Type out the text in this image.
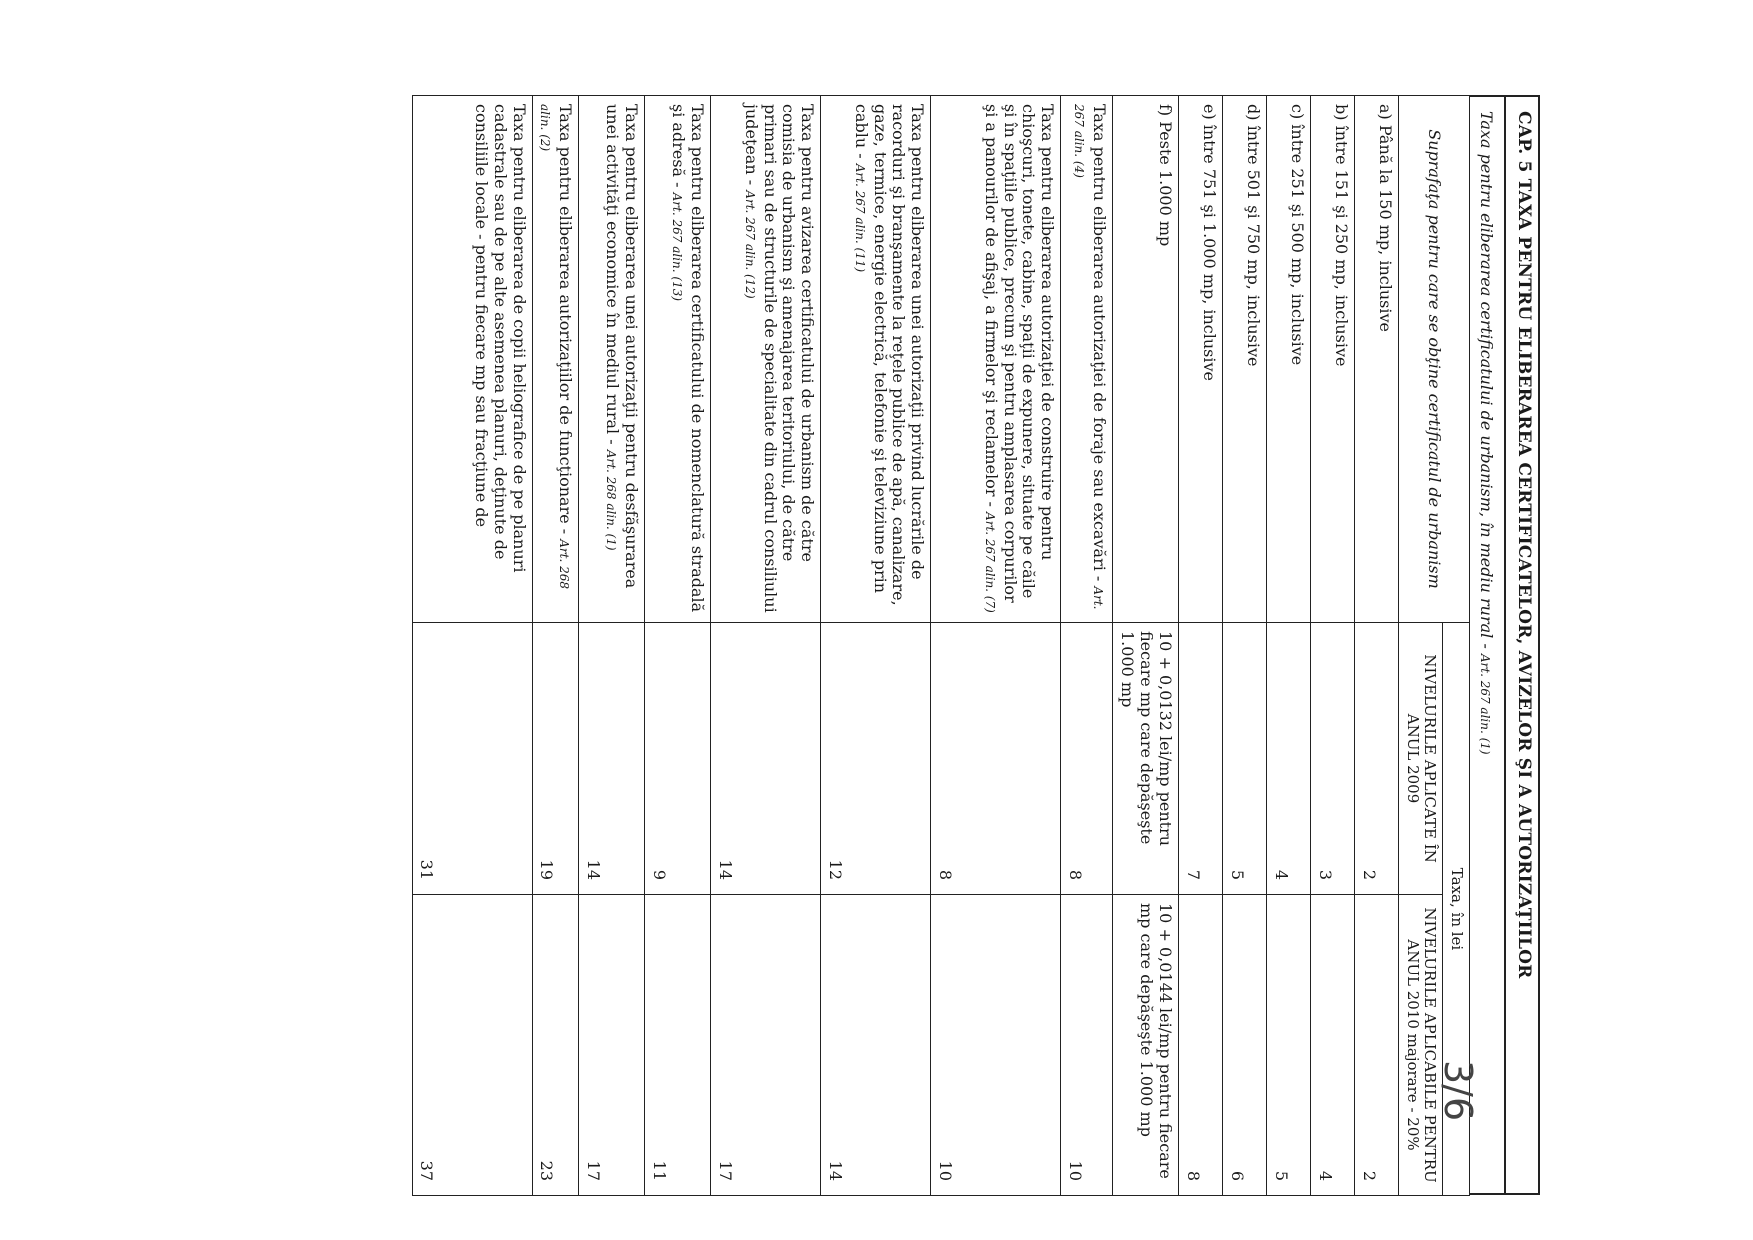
CAP. 5 TAXA PENTRU ELIBERAREA CERTIFICATELOR, AVIZELOR ŞI A AUTORIZAŢIILOR
Taxa pentru eliberarea certificatului de urbanism, în mediu rural - Art. 267 alin. (1)
Suprafaţa pentru care se obţine certificatul de urbanism	Taxa, în lei	
	NIVELURILE APLICATE ÎN ANUL 2009	NIVELURILE APLICABILE PENTRU ANUL 2010 majorare - 20%
a) Până la 150 mp, inclusive	2	2
b) între 151 şi 250 mp, inclusive	3	4
c) între 251 şi 500 mp, inclusive	4	5
d) între 501 şi 750 mp, inclusive	5	6
e) între 751 şi 1.000 mp, inclusive	7	8
f) Peste 1.000 mp	10 + 0,0132 lei/mp pentru fiecare mp care depăşeşte 1.000 mp	10 + 0,0144 lei/mp pentru fiecare mp care depăşeşte 1.000 mp
Taxa pentru eliberarea autorizaţiei de foraje sau excavări - Art. 267 alin. (4)	8	10
Taxa pentru eliberarea autorizaţiei de construire pentru chioşcuri, tonete, cabine, spaţii de expunere, situate pe căile şi în spaţiile publice, precum şi pentru amplasarea corpurilor şi a panourilor de afişaj, a firmelor şi reclamelor - Art. 267 alin. (7)	8	10
Taxa pentru eliberarea unei autorizaţii privind lucrările de racorduri şi branşamente la reţele publice de apă, canalizare, gaze, termice, energie electrică, telefonie şi televiziune prin cablu - Art. 267 alin. (11)	12	14
Taxa pentru avizarea certificatului de urbanism de către comisia de urbanism şi amenajarea teritoriului, de către primari sau de structurile de specialitate din cadrul consiliului judeţean - Art. 267 alin. (12)	14	17
Taxa pentru eliberarea certificatului de nomenclatură stradală şi adresă - Art. 267 alin. (13)	9	11
Taxa pentru eliberarea unei autorizaţii pentru desfăşurarea unei activităţi economice în mediul rural - Art. 268 alin. (1)	14	17
Taxa pentru eliberarea autorizaţiilor de funcţionare - Art. 268 alin. (2)	19	23
Taxa pentru eliberarea de copii heliografice de pe planuri cadastrale sau de pe alte asemenea planuri, deţinute de consiliile locale - pentru fiecare mp sau fracţiune de	31	37
3/6
